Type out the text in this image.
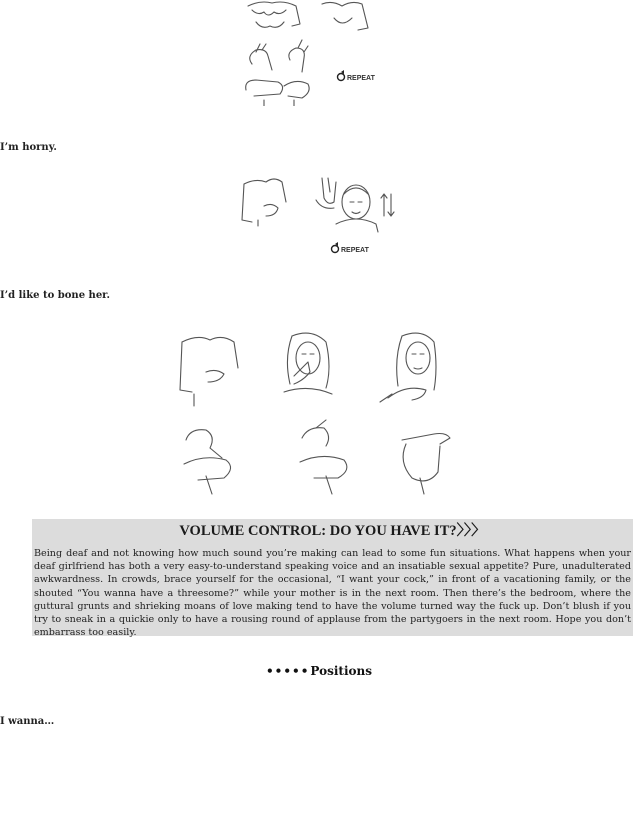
REPEAT

I’m horny.

REPEAT

I’d like to bone her.

VOLUME CONTROL: DO YOU HAVE IT?〉〉〉

Being deaf and not knowing how much sound you’re making can lead to some fun situations. What happens when your deaf girlfriend has both a very easy-to-understand speaking voice and an insatiable sexual appetite? Pure, unadulterated awkwardness. In crowds, brace yourself for the occasional, “I want your cock,” in front of a vacationing family, or the shouted “You wanna have a threesome?” while your mother is in the next room. Then there’s the bedroom, where the guttural grunts and shrieking moans of love making tend to have the volume turned way the fuck up. Don’t blush if you try to sneak in a quickie only to have a rousing round of applause from the partygoers in the next room. Hope you don’t embarrass too easily.

•••••Positions

I wanna…
